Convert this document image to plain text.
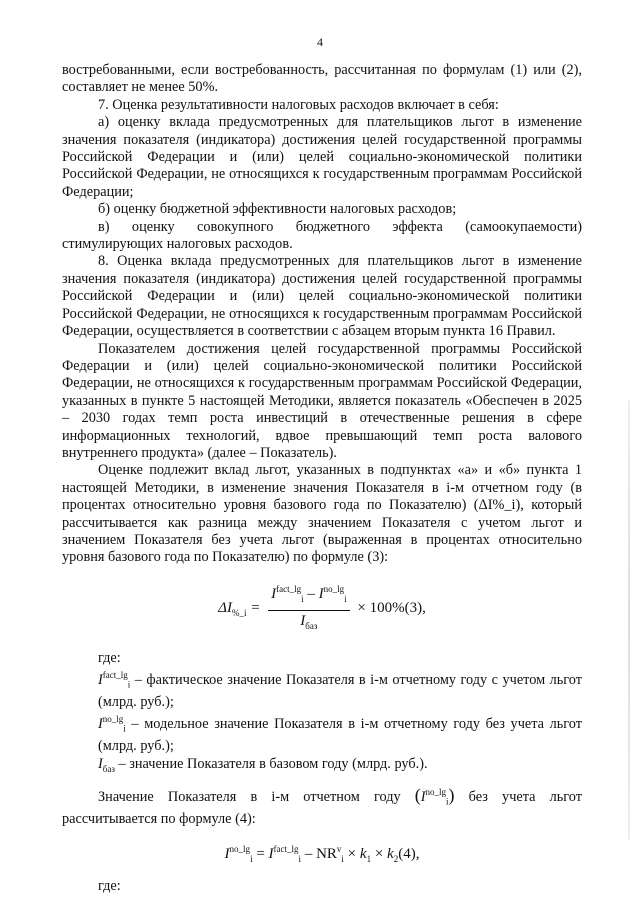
4

востребованными, если востребованность, рассчитанная по формулам (1) или (2), составляет не менее 50%.

7. Оценка результативности налоговых расходов включает в себя:

а) оценку вклада предусмотренных для плательщиков льгот в изменение значения показателя (индикатора) достижения целей государственной программы Российской Федерации и (или) целей социально-экономической политики Российской Федерации, не относящихся к государственным программам Российской Федерации;

б) оценку бюджетной эффективности налоговых расходов;

в) оценку совокупного бюджетного эффекта (самоокупаемости) стимулирующих налоговых расходов.

8. Оценка вклада предусмотренных для плательщиков льгот в изменение значения показателя (индикатора) достижения целей государственной программы Российской Федерации и (или) целей социально-экономической политики Российской Федерации, не относящихся к государственным программам Российской Федерации, осуществляется в соответствии с абзацем вторым пункта 16 Правил.

Показателем достижения целей государственной программы Российской Федерации и (или) целей социально-экономической политики Российской Федерации, не относящихся к государственным программам Российской Федерации, указанных в пункте 5 настоящей Методики, является показатель «Обеспечен в 2025 – 2030 годах темп роста инвестиций в отечественные решения в сфере информационных технологий, вдвое превышающий темп роста валового внутреннего продукта» (далее – Показатель).

Оценке подлежит вклад льгот, указанных в подпунктах «а» и «б» пункта 1 настоящей Методики, в изменение значения Показателя в i-м отчетном году (в процентах относительно уровня базового года по Показателю) (ΔI%_i), который рассчитывается как разница между значением Показателя с учетом льгот и значением Показателя без учета льгот (выраженная в процентах относительно уровня базового года по Показателю) по формуле (3):

$\Delta I_{\%\_i} = \frac{I^{fact\_lg}_i - I^{no\_lg}_i}{I_{баз}} \times 100\%(3)$,

где:

$I^{fact\_lg}_i$ – фактическое значение Показателя в i-м отчетному году с учетом льгот (млрд. руб.);

$I^{no\_lg}_i$ – модельное значение Показателя в i-м отчетному году без учета льгот (млрд. руб.);

$I_{баз}$ – значение Показателя в базовом году (млрд. руб.).

Значение Показателя в i-м отчетном году $(I^{no\_lg}_i)$ без учета льгот рассчитывается по формуле (4):

$I^{no\_lg}_i = I^{fact\_lg}_i - NR^v_i \times k_1 \times k_2(4)$,

где:
